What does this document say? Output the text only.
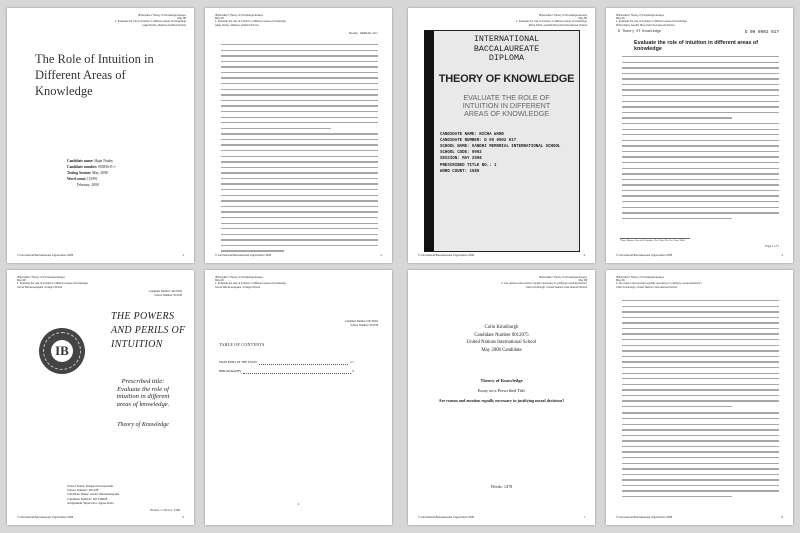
IB Excellent Theory of Knowledge Essays
May 08
1. Evaluate the role of intuition in different areas of knowledge
Hajar Nouby, Maheen Guliford School
The Role of Intuition in Different Areas of Knowledge
Candidate name: Hajar Nouby
Candidate number: 000816-0××
Testing Session: May, 2008
Word count: [1599]
February, 2008
© International Baccalaureate Organization 2008	1
IB Excellent Theory of Knowledge Essays
May 08
1. Evaluate the role of intuition in different areas of knowledge
Hajar Nouby, Maheen Guliford School
Nouby 000816-0××
© International Baccalaureate Organization 2008	2
IB Excellent Theory of Knowledge Essays
May 08
1. Evaluate the role of intuition in different areas of knowledge
Richa Ward, Gandhi Memorial International School
INTERNATIONAL
BACCALAUREATE
DIPLOMA
THEORY OF KNOWLEDGE
EVALUATE THE ROLE OF
INTUITION IN DIFFERENT
AREAS OF KNOWLEDGE
CANDIDATE NAME: RICHA WARD
CANDIDATE NUMBER: D 00 0902 017
SCHOOL NAME: GANDHI MEMORIAL INTERNATIONAL SCHOOL
SCHOOL CODE: 0902
SESSION: MAY 2008
PRESCRIBED TITLE NO.: 1
WORD COUNT: 1580
© International Baccalaureate Organization 2008	3
IB Excellent Theory of Knowledge Essays
May 08
1. Evaluate the role of intuition in different areas of knowledge
Richa Ward, Gandhi Memorial International School
D Theory Of Knowledge	D 00 0902 017
Evaluate the role of intuition in different areas of knowledge
¹ Hunt, Morton. How to Be Intuitive. New York: The Free Press, 2004.
Page 1 of 7
© International Baccalaureate Organization 2008	4
IB Excellent Theory of Knowledge Essays
May 08
1. Evaluate the role of intuition in different areas of knowledge
Aruna Wikramanayake, Kotagiri School
Candidate Number: 001/0263
School Number: 001328
IB
THE POWERS
AND PERILS OF
INTUITION
Prescribed title:
Evaluate the role of
intuition in different
areas of knowledge.
Theory of Knowledge
School Name: Kingston Europaeum
School Number: 001328
Candidate Name: Aruna Wikramanayake
Candidate Number: 001328028
Assignment Supervisor: Agnes Kula
Number of Words: 1599
© International Baccalaureate Organization 2008	5
IB Excellent Theory of Knowledge Essays
May 08
1. Evaluate the role of intuition in different areas of knowledge
Aruna Wikramanayake, Kotagiri School
Candidate Number: 001/0263
School Number: 001328
TABLE OF CONTENTS
MAIN BODY OF THE ESSAY	2-7
BIBLIOGRAPHY	8
2
IB Excellent Theory of Knowledge Essays
May 08
2. Are reason and emotion equally necessary in justifying moral decisions?
Colin Kinniburgh, United Nations International School
Colin Kinniburgh
Candidate Number 0012075
United Nations International School
May 2008 Candidate
Theory of Knowledge
Essay on a Prescribed Title
Are reason and emotion equally necessary in justifying moral decisions?
Words: 1478
© International Baccalaureate Organization 2008	7
IB Excellent Theory of Knowledge Essays
May 08
2. Are reason and emotion equally necessary in justifying moral decisions?
Colin Kinniburgh, United Nations International School
© International Baccalaureate Organization 2008	8
